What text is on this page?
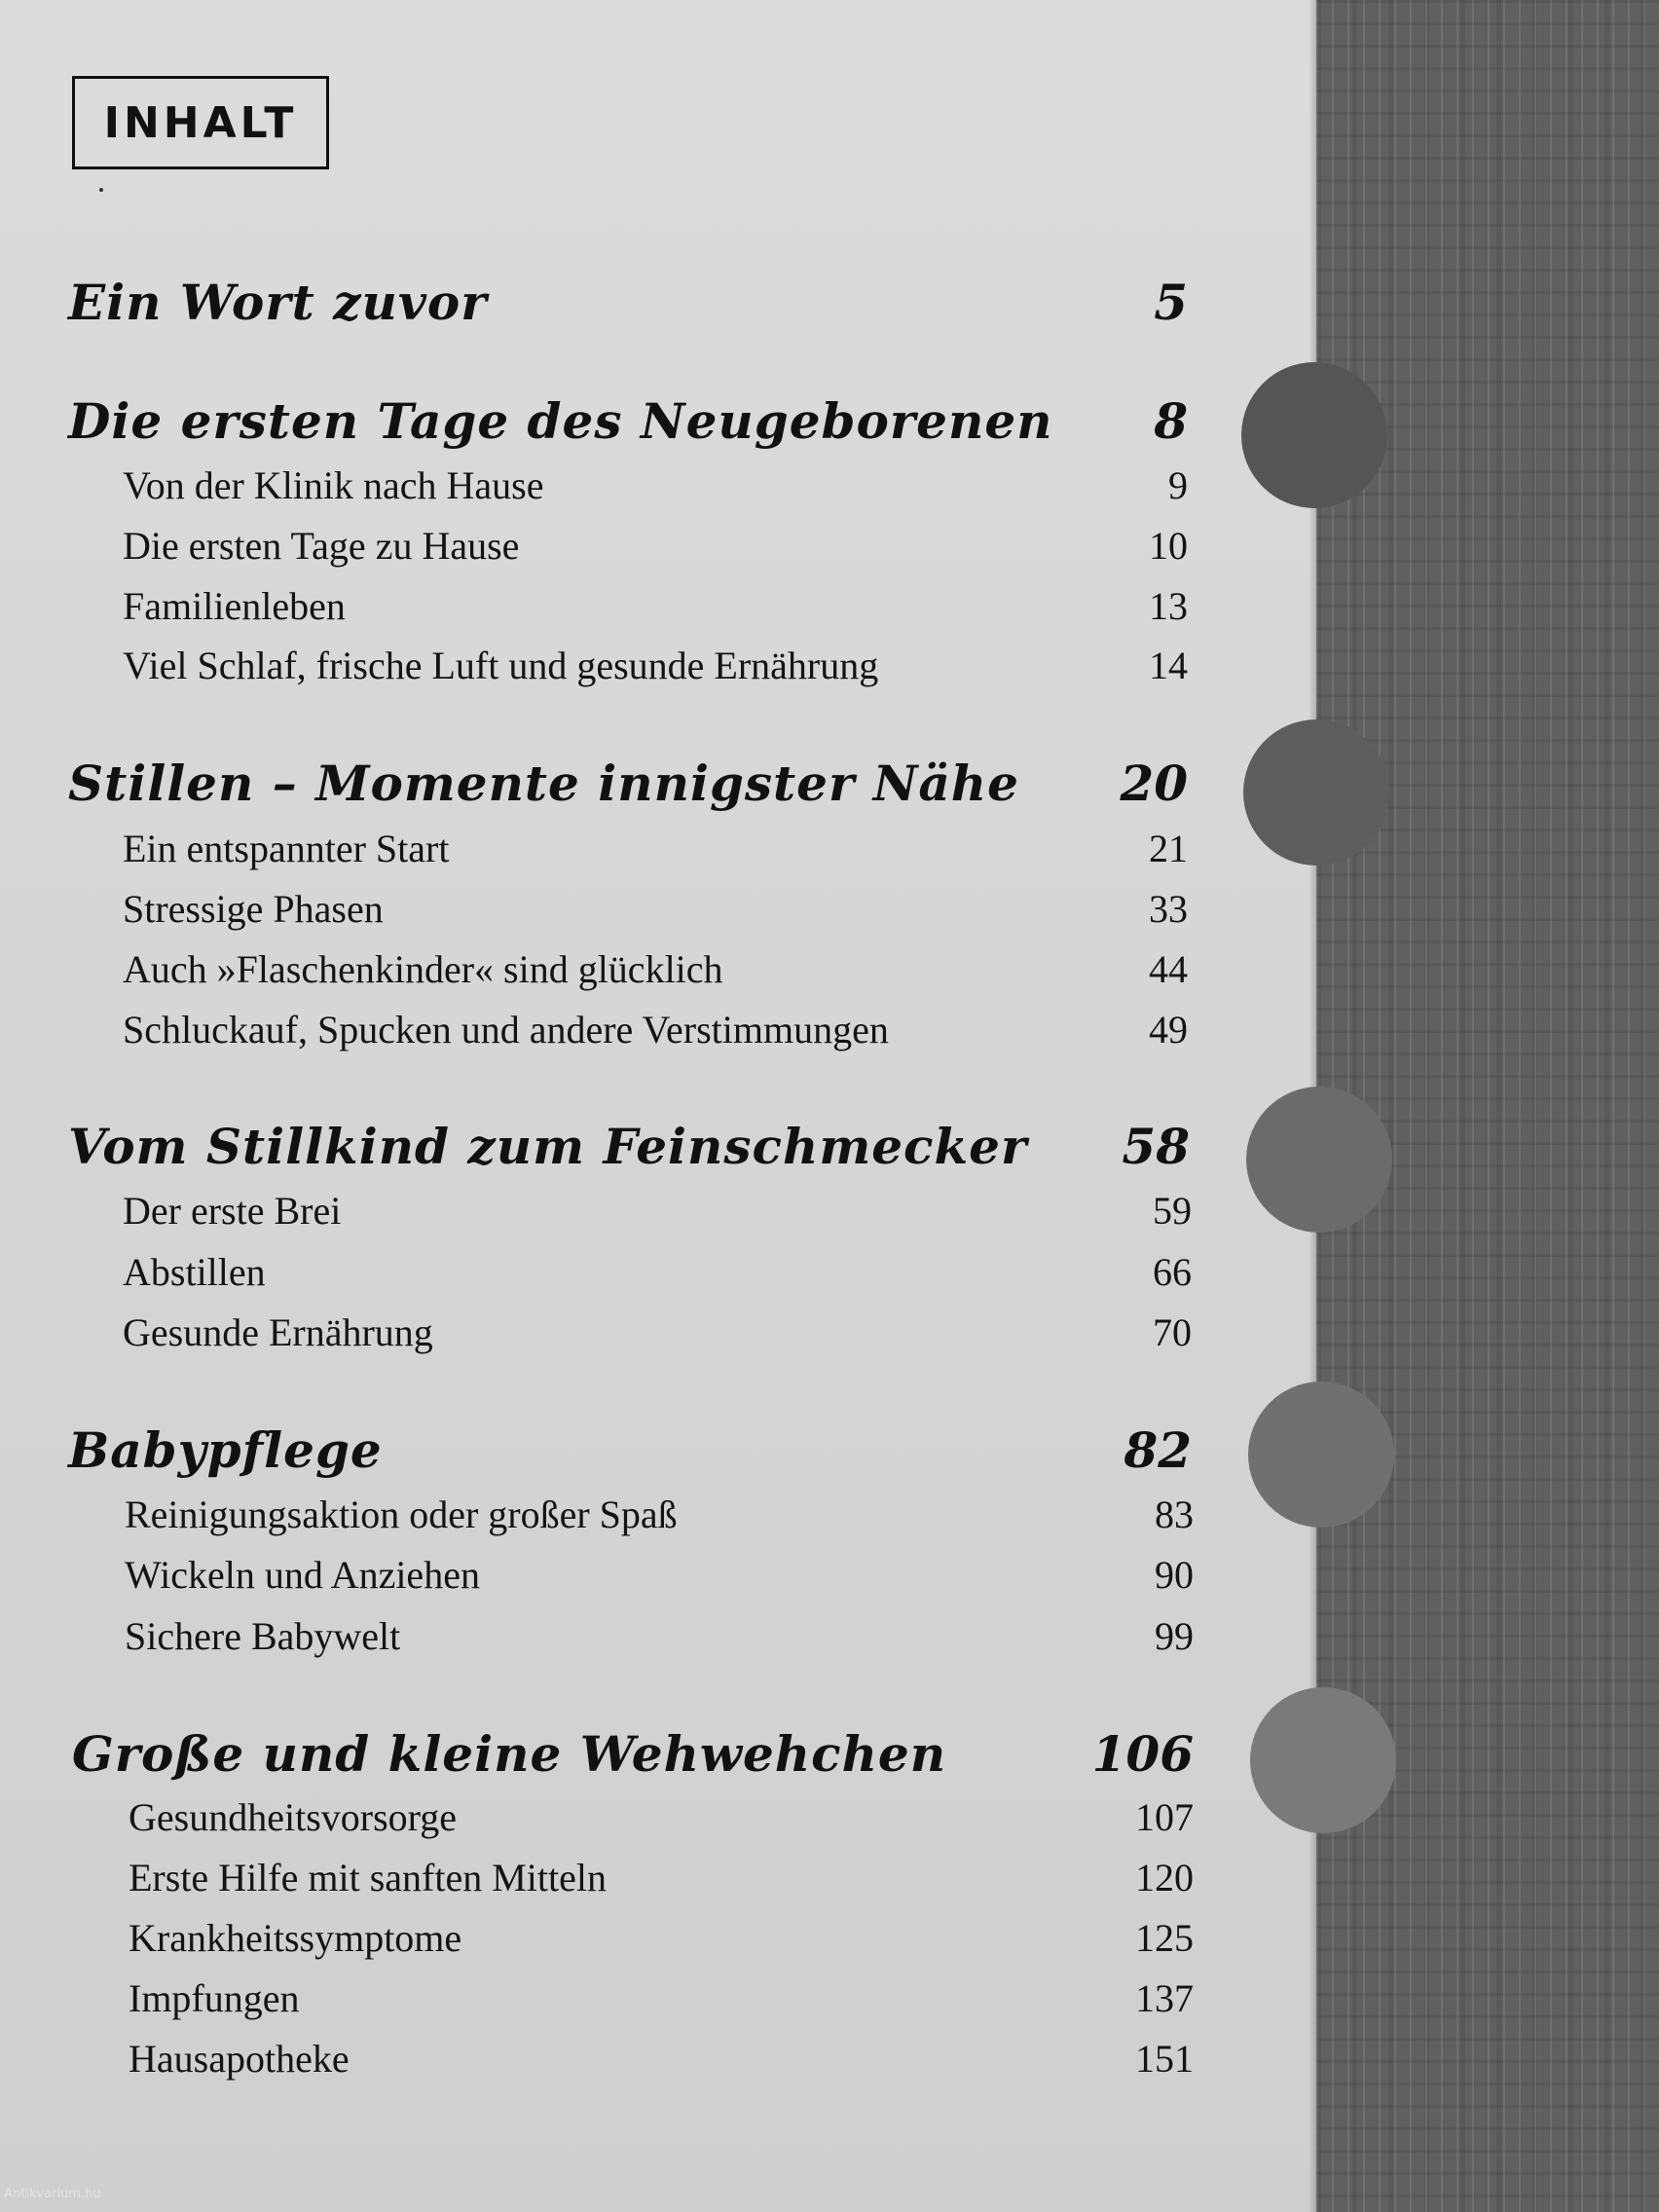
INHALT
Ein Wort zuvor	5
Die ersten Tage des Neugeborenen 8
Von der Klinik nach Hause	9
Die ersten Tage zu Hause	10
Familienleben	13
Viel Schlaf, frische Luft und gesunde Ernährung	14
Stillen – Momente innigster Nähe 20
Ein entspannter Start	21
Stressige Phasen	33
Auch »Flaschenkinder« sind glücklich	44
Schluckauf, Spucken und andere Verstimmungen	49
Vom Stillkind zum Feinschmecker 58
Der erste Brei	59
Abstillen	66
Gesunde Ernährung	70
Babypflege	82
Reinigungsaktion oder großer Spaß	83
Wickeln und Anziehen	90
Sichere Babywelt	99
Große und kleine Wehwehchen	106
Gesundheitsvorsorge	107
Erste Hilfe mit sanften Mitteln	120
Krankheitssymptome	125
Impfungen	137
Hausapotheke	151
Antikvarium.hu
